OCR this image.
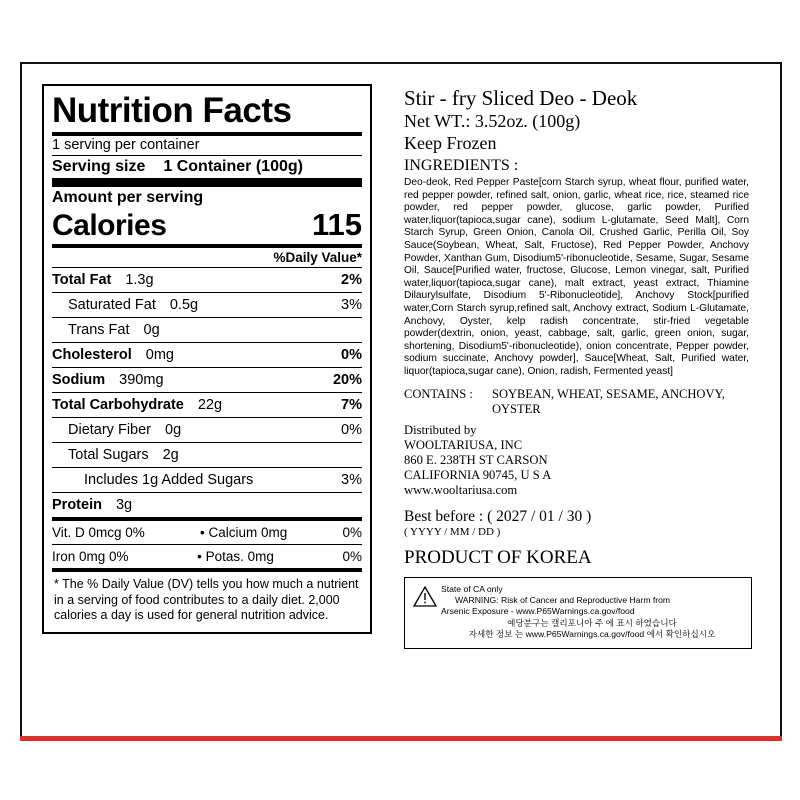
Nutrition Facts
1 serving per container
Serving size 1 Container (100g)
Amount per serving
Calories	115
%Daily Value*
Total Fat 1.3g	2%
Saturated Fat 0.5g	3%
Trans Fat 0g
Cholesterol 0mg	0%
Sodium 390mg	20%
Total Carbohydrate 22g	7%
Dietary Fiber 0g	0%
Total Sugars 2g
Includes 1g Added Sugars	3%
Protein 3g
Vit. D 0mcg 0%	• Calcium 0mg	0%
Iron 0mg 0%	• Potas. 0mg	0%
* The % Daily Value (DV) tells you how much a nutrient in a serving of food contributes to a daily diet. 2,000 calories a day is used for general nutrition advice.
Stir - fry Sliced Deo - Deok
Net WT.: 3.52oz. (100g)
Keep Frozen
INGREDIENTS :
Deo-deok, Red Pepper Paste[corn Starch syrup, wheat flour, purified water, red pepper powder, refined salt, onion, garlic, wheat rice, rice, steamed rice powder, red pepper powder, glucose, garlic powder, Purified water,liquor(tapioca,sugar cane), sodium L-glutamate, Seed Malt], Corn Starch Syrup, Green Onion, Canola Oil, Crushed Garlic, Perilla Oil, Soy Sauce(Soybean, Wheat, Salt, Fructose), Red Pepper Powder, Anchovy Powder, Xanthan Gum, Disodium5'-ribonucleotide, Sesame, Sugar, Sesame Oil, Sauce[Purified water, fructose, Glucose, Lemon vinegar, salt, Purified water,liquor(tapioca,sugar cane), malt extract, yeast extract, Thiamine Dilaurylsulfate, Disodium 5'-Ribonucleotide], Anchovy Stock[purified water,Corn Starch syrup,refined salt, Anchovy extract, Sodium L-Glutamate, Anchovy, Oyster, kelp radish concentrate, stir-fried vegetable powder(dextrin, onion, yeast, cabbage, salt, garlic, green onion, sugar, shortening, Disodium5'-ribonucleotide), onion concentrate, Pepper powder, sodium succinate, Anchovy powder], Sauce[Wheat, Salt, Purified water, liquor(tapioca,sugar cane), Onion, radish, Fermented yeast]
CONTAINS :	SOYBEAN, WHEAT, SESAME, ANCHOVY, OYSTER
Distributed by
WOOLTARIUSA, INC
860 E. 238TH ST CARSON
CALIFORNIA 90745, U S A
www.wooltariusa.com
Best before : ( 2027 / 01 / 30 )
( YYYY / MM / DD )
PRODUCT OF KOREA
State of CA only
WARNING: Risk of Cancer and Reproductive Harm from
Arsenic Exposure - www.P65Warnings.ca.gov/food
예당분구는 캘리포니아 주 에 표시 하였습니다
자세한 정보 는 www.P65Warnings.ca.gov/food 에서 확인하십시오
